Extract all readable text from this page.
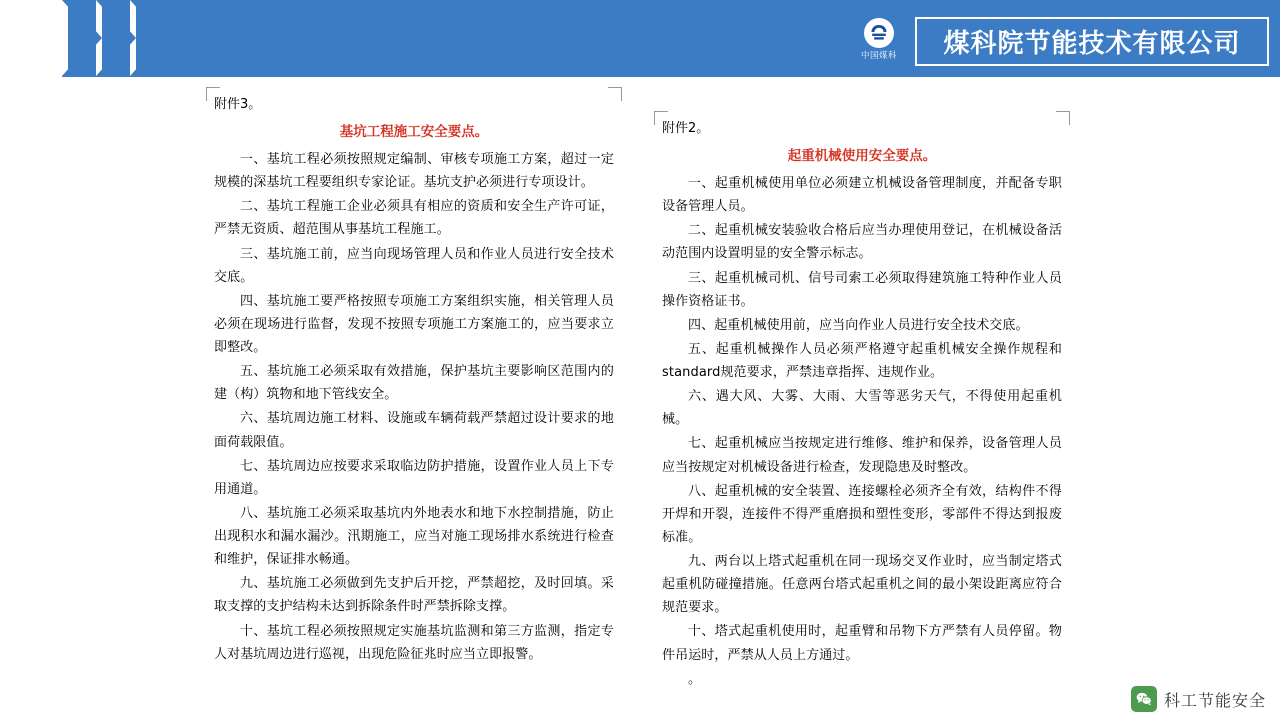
中国煤科 煤科院节能技术有限公司
附件3。
基坑工程施工安全要点。

一、基坑工程必须按照规定编制、审核专项施工方案，超过一定规模的深基坑工程要组织专家论证。基坑支护必须进行专项设计。

二、基坑工程施工企业必须具有相应的资质和安全生产许可证，严禁无资质、超范围从事基坑工程施工。

三、基坑施工前，应当向现场管理人员和作业人员进行安全技术交底。

四、基坑施工要严格按照专项施工方案组织实施，相关管理人员必须在现场进行监督，发现不按照专项施工方案施工的，应当要求立即整改。

五、基坑施工必须采取有效措施，保护基坑主要影响区范围内的建（构）筑物和地下管线安全。

六、基坑周边施工材料、设施或车辆荷载严禁超过设计要求的地面荷载限值。

七、基坑周边应按要求采取临边防护措施，设置作业人员上下专用通道。

八、基坑施工必须采取基坑内外地表水和地下水控制措施，防止出现积水和漏水漏沙。汛期施工，应当对施工现场排水系统进行检查和维护，保证排水畅通。

九、基坑施工必须做到先支护后开挖，严禁超挖，及时回填。采取支撑的支护结构未达到拆除条件时严禁拆除支撑。

十、基坑工程必须按照规定实施基坑监测和第三方监测，指定专人对基坑周边进行巡视，出现危险征兆时应当立即报警。

附件2。
起重机械使用安全要点。

一、起重机械使用单位必须建立机械设备管理制度，并配备专职设备管理人员。

二、起重机械安装验收合格后应当办理使用登记，在机械设备活动范围内设置明显的安全警示标志。

三、起重机械司机、信号司索工必须取得建筑施工特种作业人员操作资格证书。

四、起重机械使用前，应当向作业人员进行安全技术交底。

五、起重机械操作人员必须严格遵守起重机械安全操作规程和standard规范要求，严禁违章指挥、违规作业。

六、遇大风、大雾、大雨、大雪等恶劣天气，不得使用起重机械。

七、起重机械应当按规定进行维修、维护和保养，设备管理人员应当按规定对机械设备进行检查，发现隐患及时整改。

八、起重机械的安全装置、连接螺栓必须齐全有效，结构件不得开焊和开裂，连接件不得严重磨损和塑性变形，零部件不得达到报废标准。

九、两台以上塔式起重机在同一现场交叉作业时，应当制定塔式起重机防碰撞措施。任意两台塔式起重机之间的最小架设距离应符合规范要求。

十、塔式起重机使用时，起重臂和吊物下方严禁有人员停留。物件吊运时，严禁从人员上方通过。

。
科工节能安全
